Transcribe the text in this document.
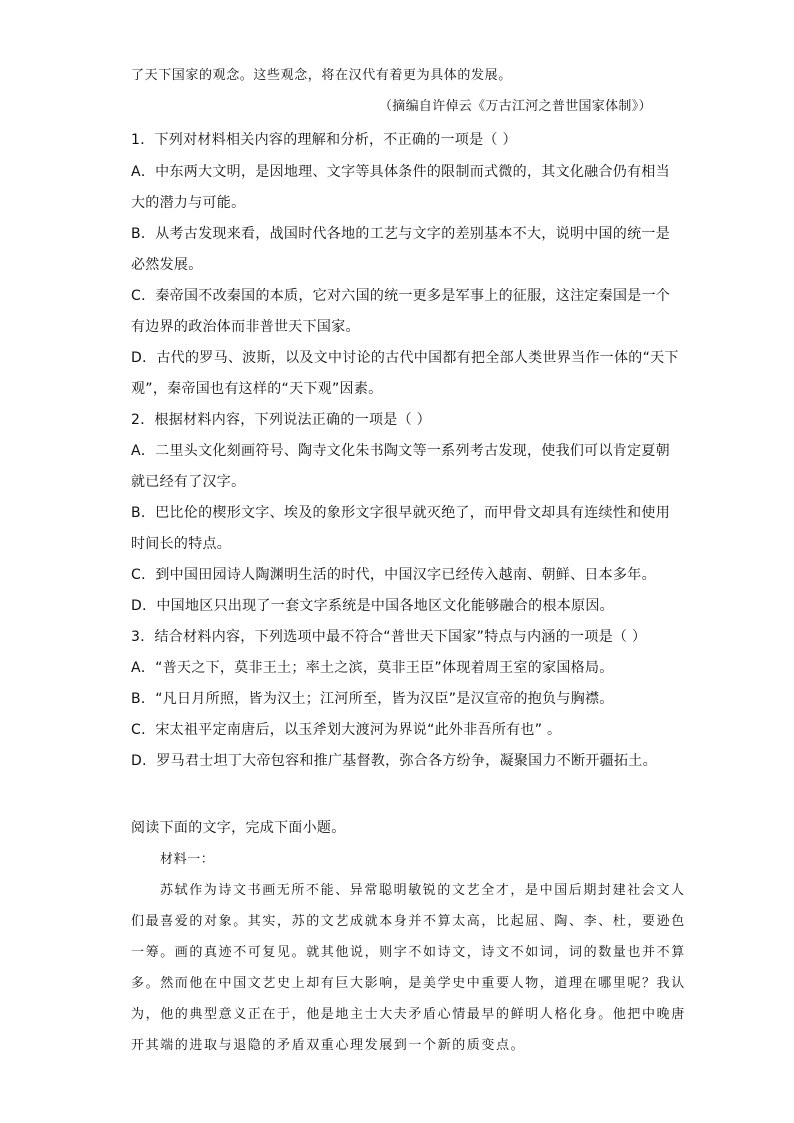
了天下国家的观念。这些观念，将在汉代有着更为具体的发展。
（摘编自许倬云《万古江河之普世国家体制》）
1．下列对材料相关内容的理解和分析，不正确的一项是（ ）
A．中东两大文明，是因地理、文字等具体条件的限制而式微的，其文化融合仍有相当
大的潜力与可能。
B．从考古发现来看，战国时代各地的工艺与文字的差别基本不大，说明中国的统一是
必然发展。
C．秦帝国不改秦国的本质，它对六国的统一更多是军事上的征服，这注定秦国是一个
有边界的政治体而非普世天下国家。
D．古代的罗马、波斯，以及文中讨论的古代中国都有把全部人类世界当作一体的“天下
观”，秦帝国也有这样的“天下观”因素。
2．根据材料内容，下列说法正确的一项是（ ）
A．二里头文化刻画符号、陶寺文化朱书陶文等一系列考古发现，使我们可以肯定夏朝
就已经有了汉字。
B．巴比伦的楔形文字、埃及的象形文字很早就灭绝了，而甲骨文却具有连续性和使用
时间长的特点。
C．到中国田园诗人陶渊明生活的时代，中国汉字已经传入越南、朝鲜、日本多年。
D．中国地区只出现了一套文字系统是中国各地区文化能够融合的根本原因。
3．结合材料内容，下列选项中最不符合“普世天下国家”特点与内涵的一项是（ ）
A．“普天之下，莫非王土；率土之滨，莫非王臣”体现着周王室的家国格局。
B．“凡日月所照，皆为汉土；江河所至，皆为汉臣”是汉宣帝的抱负与胸襟。
C．宋太祖平定南唐后，以玉斧划大渡河为界说“此外非吾所有也” 。
D．罗马君士坦丁大帝包容和推广基督教，弥合各方纷争，凝聚国力不断开疆拓土。
阅读下面的文字，完成下面小题。
材料一：
苏轼作为诗文书画无所不能、异常聪明敏锐的文艺全才，是中国后期封建社会文人
们最喜爱的对象。其实，苏的文艺成就本身并不算太高，比起屈、陶、李、杜，要逊色
一筹。画的真迹不可复见。就其他说，则字不如诗文，诗文不如词，词的数量也并不算
多。然而他在中国文艺史上却有巨大影响，是美学史中重要人物，道理在哪里呢？我认
为，他的典型意义正在于，他是地主士大夫矛盾心情最早的鲜明人格化身。他把中晚唐
开其端的进取与退隐的矛盾双重心理发展到一个新的质变点。
